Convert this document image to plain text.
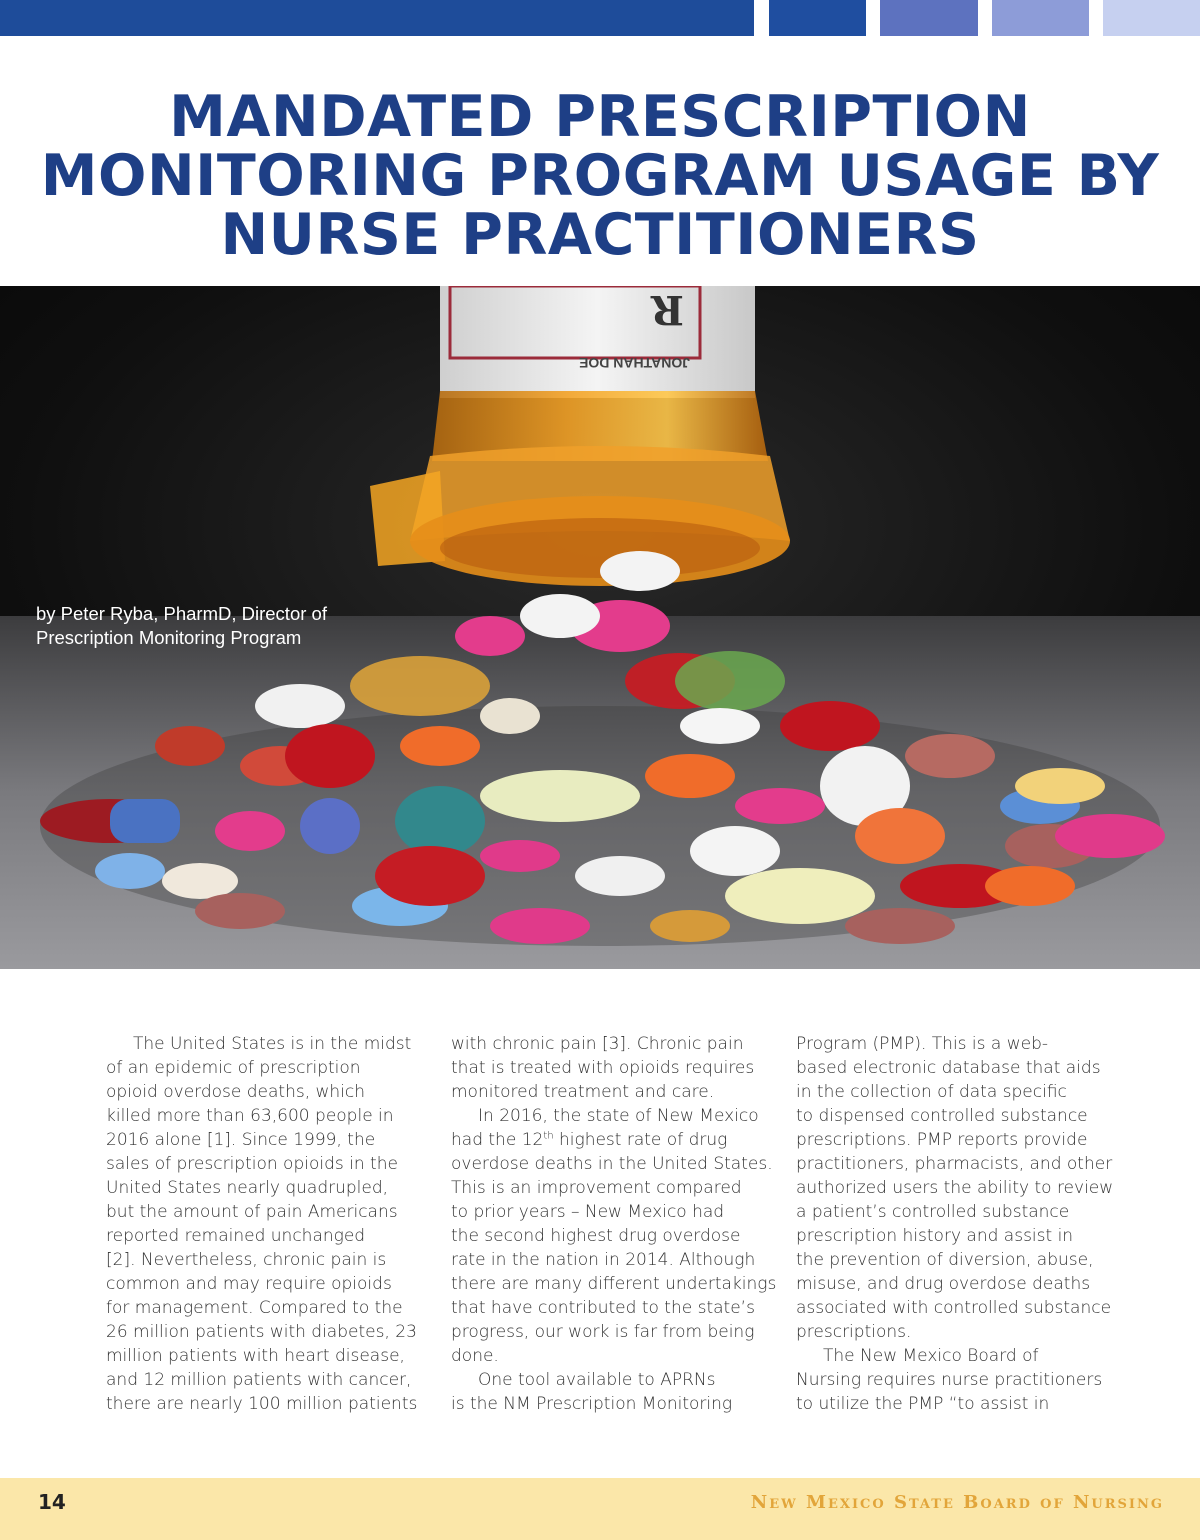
MANDATED PRESCRIPTION
MONITORING PROGRAM USAGE BY
NURSE PRACTITIONERS
R
JONATHAN DOE
by Peter Ryba, PharmD, Director of
Prescription Monitoring Program
The United States is in the midst
of an epidemic of prescription
opioid overdose deaths, which
killed more than 63,600 people in
2016 alone [1]. Since 1999, the
sales of prescription opioids in the
United States nearly quadrupled,
but the amount of pain Americans
reported remained unchanged
[2]. Nevertheless, chronic pain is
common and may require opioids
for management. Compared to the
26 million patients with diabetes, 23
million patients with heart disease,
and 12 million patients with cancer,
there are nearly 100 million patients
with chronic pain [3]. Chronic pain
that is treated with opioids requires
monitored treatment and care.
In 2016, the state of New Mexico
had the 12th highest rate of drug
overdose deaths in the United States.
This is an improvement compared
to prior years – New Mexico had
the second highest drug overdose
rate in the nation in 2014. Although
there are many different undertakings
that have contributed to the state’s
progress, our work is far from being
done.
One tool available to APRNs
is the NM Prescription Monitoring
Program (PMP). This is a web-
based electronic database that aids
in the collection of data specific
to dispensed controlled substance
prescriptions. PMP reports provide
practitioners, pharmacists, and other
authorized users the ability to review
a patient’s controlled substance
prescription history and assist in
the prevention of diversion, abuse,
misuse, and drug overdose deaths
associated with controlled substance
prescriptions.
The New Mexico Board of
Nursing requires nurse practitioners
to utilize the PMP “to assist in
14	New Mexico State Board of Nursing
